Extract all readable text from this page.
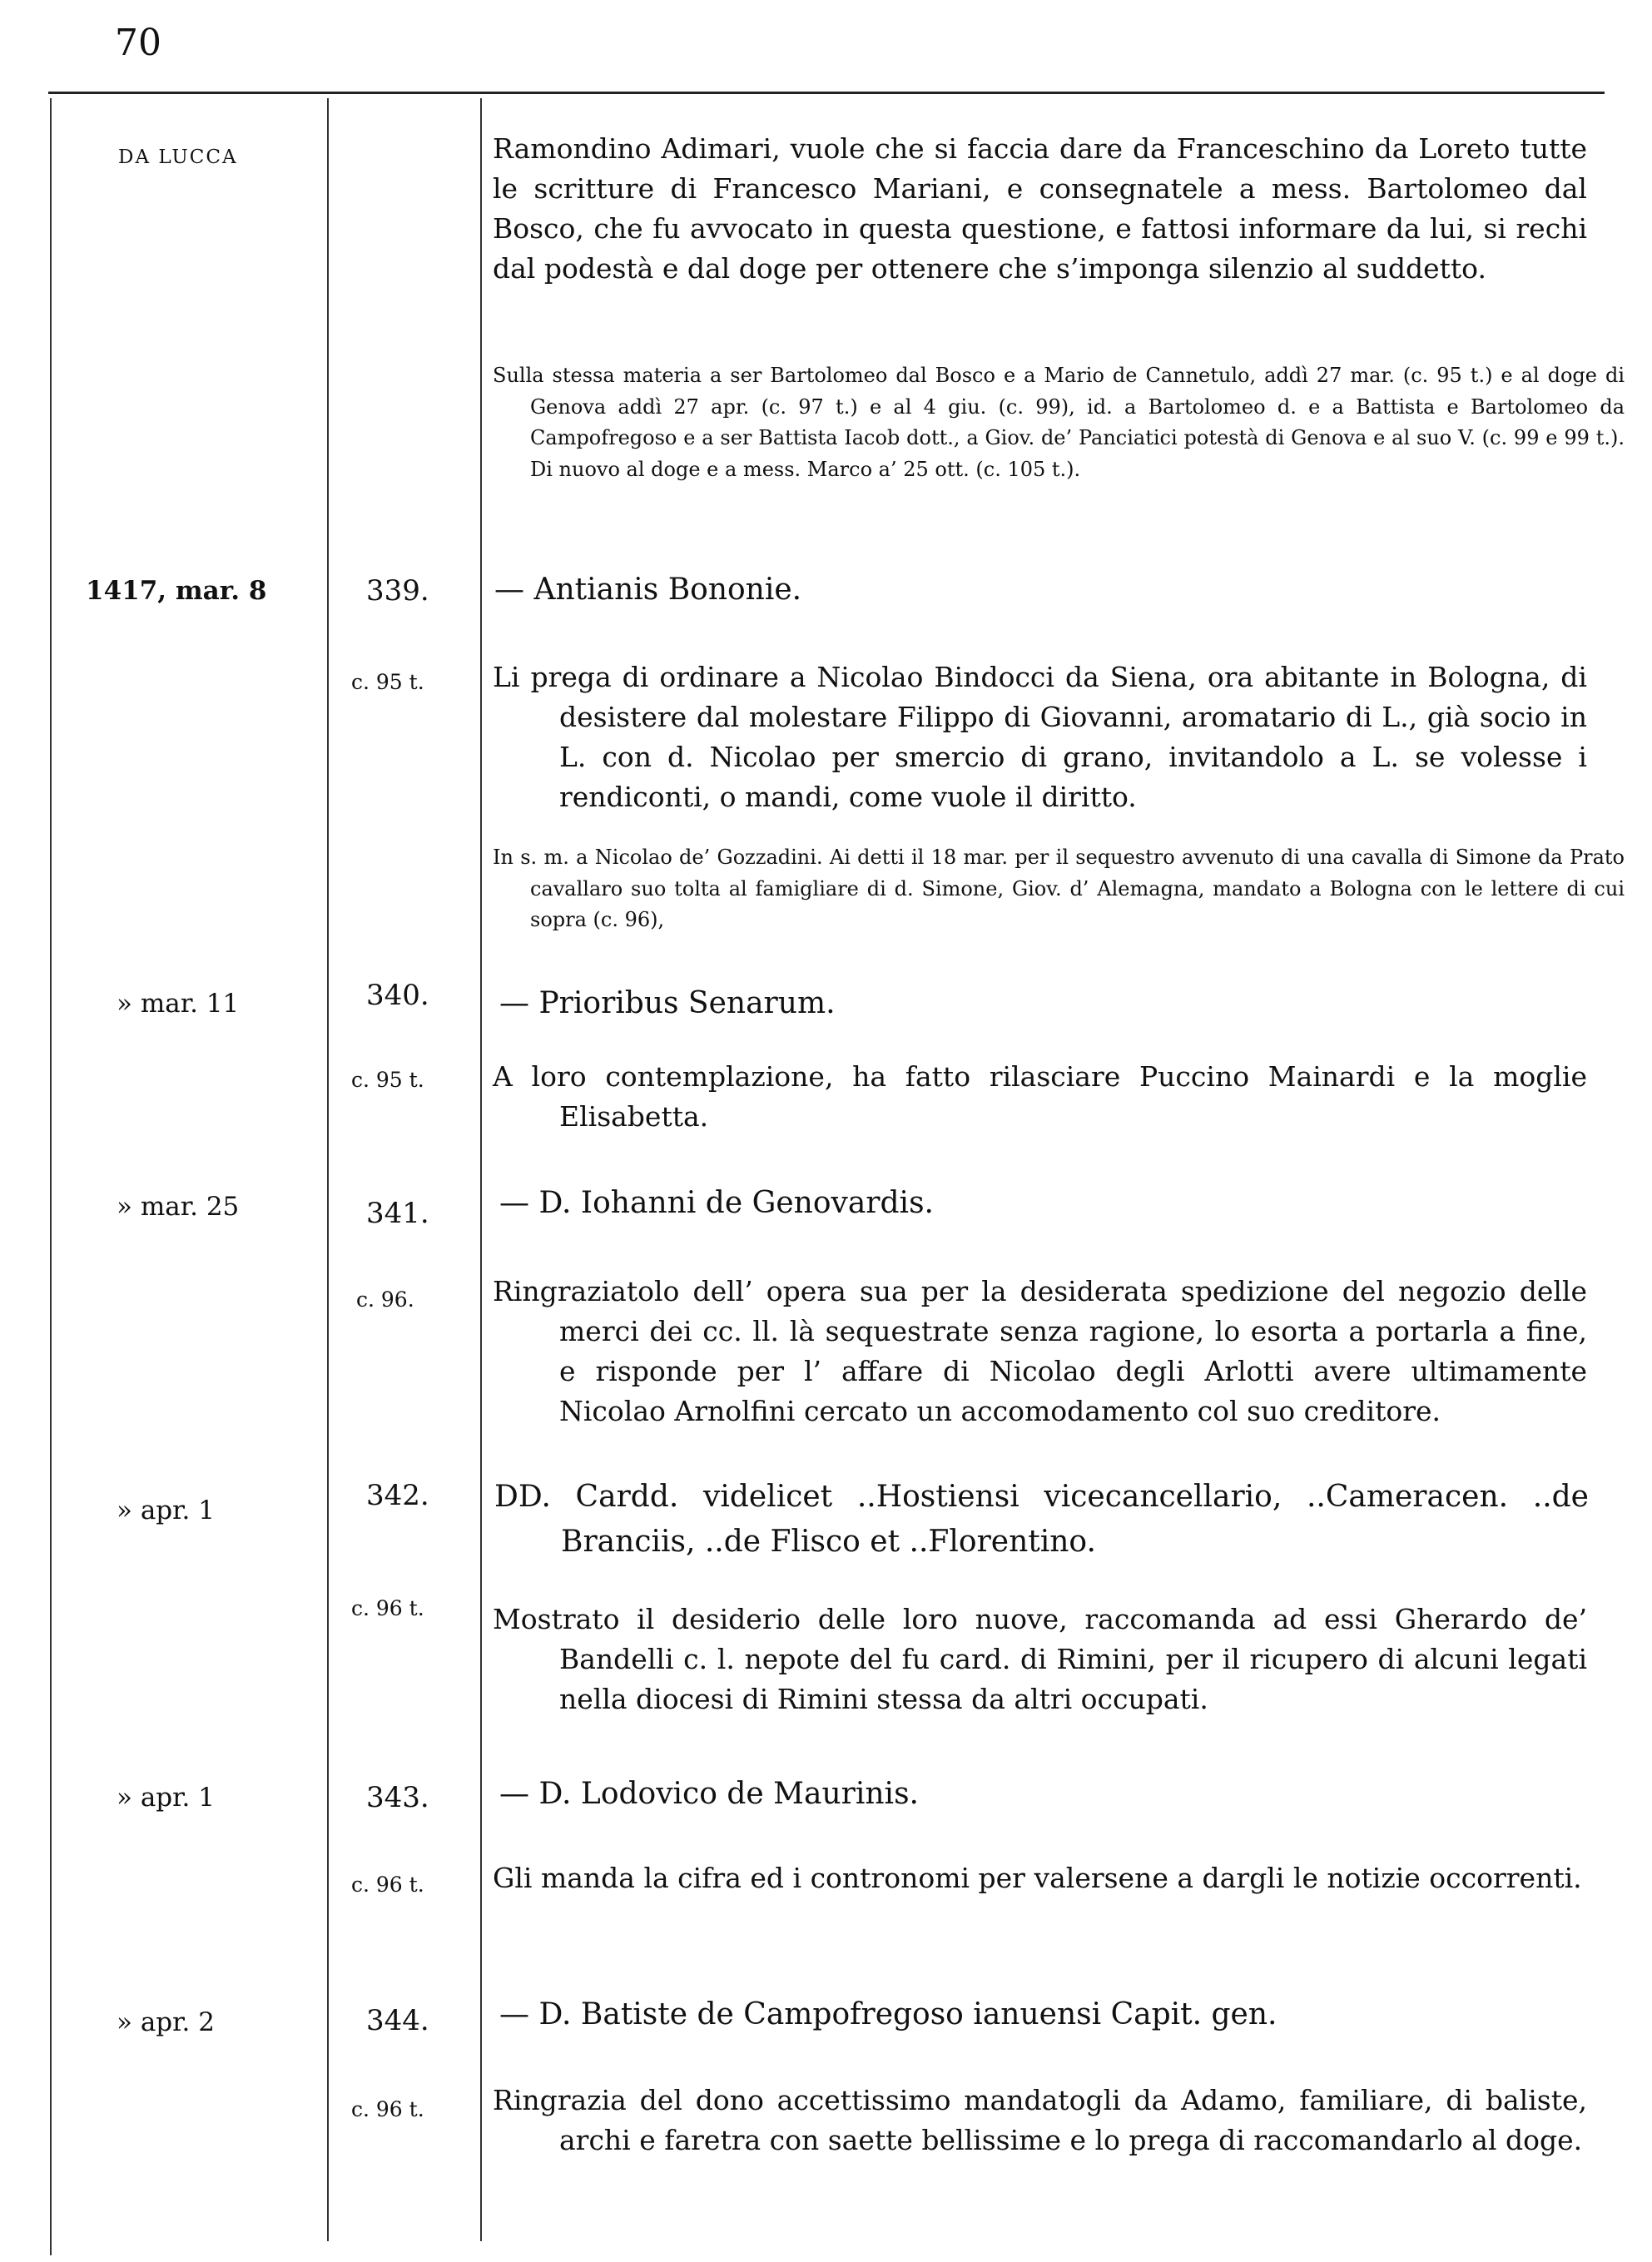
70
DA LUCCA	Ramondino Adimari, vuole che si faccia dare da Franceschino da Loreto tutte le scritture di Francesco Mariani, e consegnatele a mess. Bartolomeo dal Bosco, che fu avvocato in questa questione, e fattosi informare da lui, si rechi dal podestà e dal doge per ottenere che s’imponga silenzio al suddetto.
Sulla stessa materia a ser Bartolomeo dal Bosco e a Mario de Cannetulo, addì 27 mar. (c. 95 t.) e al doge di Genova addì 27 apr. (c. 97 t.) e al 4 giu. (c. 99), id. a Bartolomeo d. e a Battista e Bartolomeo da Campofregoso e a ser Battista Iacob dott., a Giov. de’ Panciatici potestà di Genova e al suo V. (c. 99 e 99 t.). Di nuovo al doge e a mess. Marco a’ 25 ott. (c. 105 t.).
1417, mar. 8	339. — Antianis Bononie.
c. 95 t. Li prega di ordinare a Nicolao Bindocci da Siena, ora abitante in Bologna, di desistere dal molestare Filippo di Giovanni, aromatario di L., già socio in L. con d. Nicolao per smercio di grano, invitandolo a L. se volesse i rendiconti, o mandi, come vuole il diritto.
In s. m. a Nicolao de’ Gozzadini. Ai detti il 18 mar. per il sequestro avvenuto di una cavalla di Simone da Prato cavallaro suo tolta al famigliare di d. Simone, Giov. d’ Alemagna, mandato a Bologna con le lettere di cui sopra (c. 96),
» mar. 11	340. — Prioribus Senarum.
c. 95 t. A loro contemplazione, ha fatto rilasciare Puccino Mainardi e la moglie Elisabetta.
» mar. 25	341. — D. Iohanni de Genovardis.
c. 96.	Ringraziatolo dell’ opera sua per la desiderata spedizione del negozio delle merci dei cc. ll. là sequestrate senza ragione, lo esorta a portarla a fine, e risponde per l’ affare di Nicolao degli Arlotti avere ultimamente Nicolao Arnolfini cercato un accomodamento col suo creditore.
» apr. 1	342. DD. Cardd. videlicet ..Hostiensi vicecancellario, ..Cameracen. ..de Branciis, ..de Flisco et ..Florentino.
c. 96 t. Mostrato il desiderio delle loro nuove, raccomanda ad essi Gherardo de’ Bandelli c. l. nepote del fu card. di Rimini, per il ricupero di alcuni legati nella diocesi di Rimini stessa da altri occupati.
» apr. 1	343. — D. Lodovico de Maurinis.
c. 96 t. Gli manda la cifra ed i contronomi per valersene a dargli le notizie occorrenti.
» apr. 2	344. — D. Batiste de Campofregoso ianuensi Capit. gen.
c. 96 t. Ringrazia del dono accettissimo mandatogli da Adamo, familiare, di baliste, archi e faretra con saette bellissime e lo prega di raccomandarlo al doge.
